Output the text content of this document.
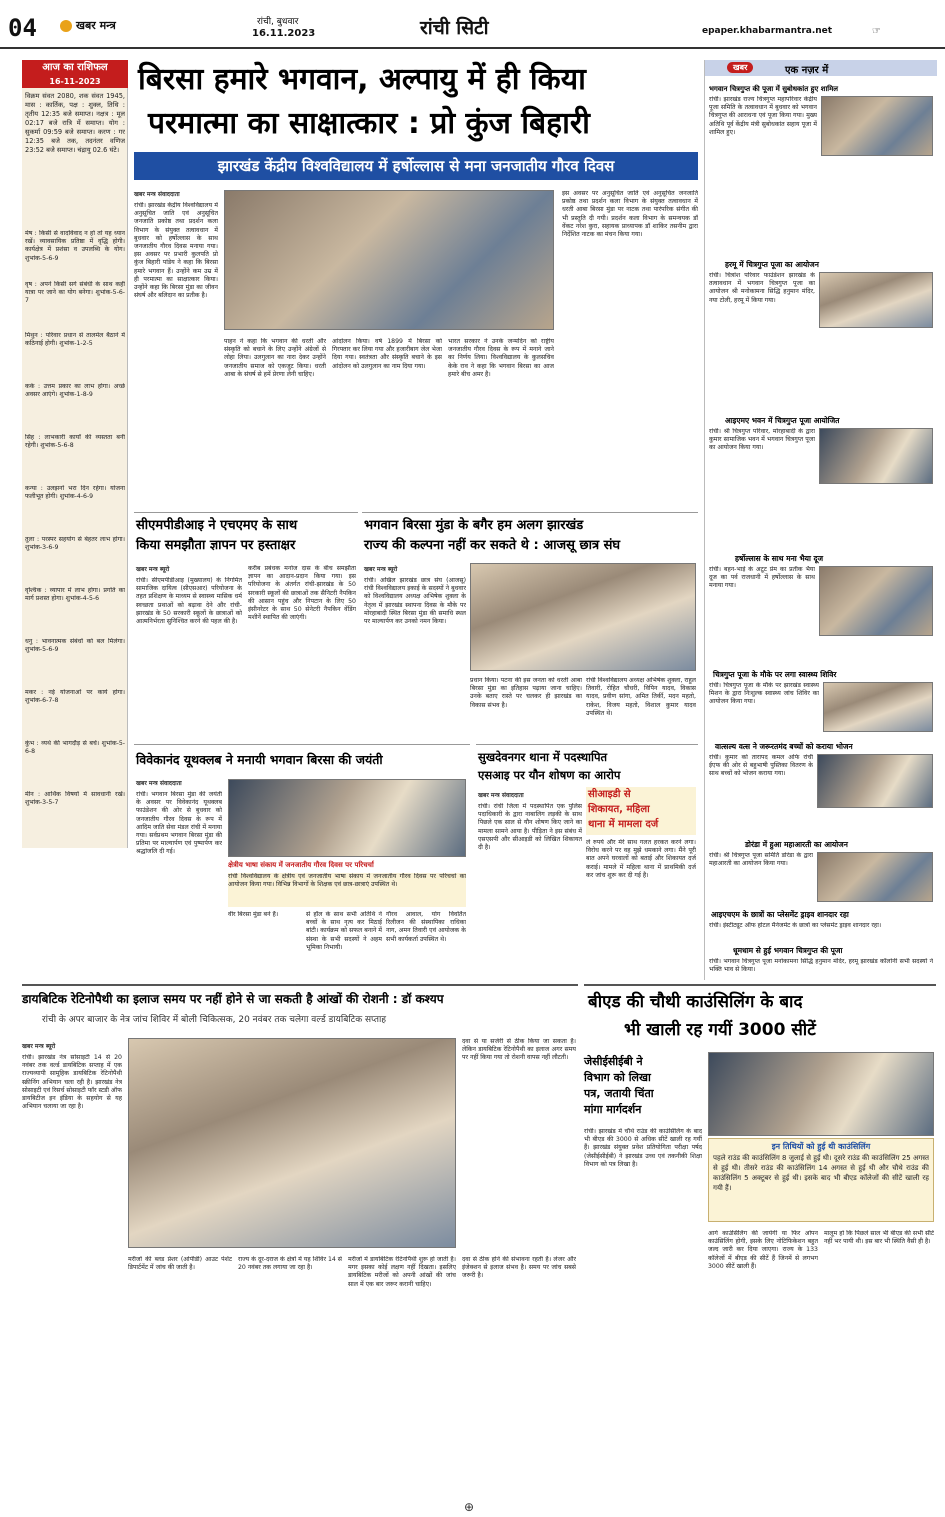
04	खबर मन्त्र	रांची, बुधवार
16.11.2023	रांची सिटी	epaper.khabarmantra.net	☞
आज का राशिफल
16-11-2023
विक्रम संवत 2080, शक संवत 1945, मास : कार्तिक, पक्ष : शुक्ल, तिथि : तृतीय 12:35 बजे समाप्त। नक्षत्र : मूल 02:17 बजे रात्रि में समाप्त। योग : सुकर्मा 09:59 बजे समाप्त। करण : गर 12:35 बजे तक, तदनंतर वणिज 23:52 बजे समाप्त। चंद्रायु 02.6 घंटे।
मेष : किसी से वादविवाद न हो तो यह ध्यान रखें। व्यावसायिक प्रतिष्ठा में वृद्धि होगी। कार्यक्षेत्र में प्रशंसा व उपलब्धि के योग। शुभांक-5-6-9
वृष : अपने किसी सगे संबंधी के साथ कहीं यात्रा पर जाने का योग बनेगा। शुभांक-5-6-7
मिथुन : परिवार प्रधान से तालमेल बैठाने में कठिनाई होगी। शुभांक-1-2-5
कर्क : उत्तम प्रकार का लाभ होगा। अच्छे अवसर आएंगे। शुभांक-1-8-9
सिंह : लाभकारी कार्यों की व्यस्तता बनी रहेगी। शुभांक-5-6-8
कन्या : उलझनों भरा दिन रहेगा। योजना फलीभूत होगी। शुभांक-4-6-9
तुला : परस्पर सहयोग से बेहतर लाभ होगा। शुभांक-3-6-9
वृश्चिक : व्यापार में लाभ होगा। प्रगति का मार्ग प्रशस्त होगा। शुभांक-4-5-6
धनु : भावनात्मक संबंधों को बल मिलेगा। शुभांक-5-6-9
मकर : नई योजनाओं पर कार्य होगा। शुभांक-6-7-8
कुंभ : व्यर्थ की भागदौड़ से बचें। शुभांक-5-6-8
मीन : आर्थिक विषयों में सावधानी रखें। शुभांक-3-5-7
बिरसा हमारे भगवान, अल्पायु में ही किया
परमात्मा का साक्षात्कार : प्रो कुंज बिहारी
झारखंड केंद्रीय विश्वविद्यालय में हर्षोल्लास से मना जनजातीय गौरव दिवस
खबर मन्त्र संवाददाता
रांची। झारखंड केंद्रीय विश्वविद्यालय में अनुसूचित जाति एवं अनुसूचित जनजाति प्रकोष्ठ तथा प्रदर्शन कला विभाग के संयुक्त तत्वावधान में बुधवार को हर्षोल्लास के साथ जनजातीय गौरव दिवस मनाया गया। इस अवसर पर प्रभारी कुलपति प्रो कुंज बिहारी पांडेय ने कहा कि बिरसा हमारे भगवान हैं। उन्होंने कम उम्र में ही परमात्मा का साक्षात्कार किया। उन्होंने कहा कि बिरसा मुंडा का जीवन संघर्ष और बलिदान का प्रतीक है।
पाहन ने कहा कि भगवान की धरती और संस्कृति को बचाने के लिए उन्होंने अंग्रेजों से लोहा लिया। उलगुलान का नारा देकर उन्होंने जनजातीय समाज को एकजुट किया। धरती आबा के संघर्ष से हमें प्रेरणा लेनी चाहिए।
आंदोलन किया। वर्ष 1899 में बिरसा को गिरफ्तार कर लिया गया और हजारीबाग जेल भेजा दिया गया। स्वतंत्रता और संस्कृति बचाने के इस आंदोलन को उलगुलान का नाम दिया गया।
भारत सरकार ने उनके जन्मदिन को राष्ट्रीय जनजातीय गौरव दिवस के रूप में मनाने जाने का निर्णय लिया। विश्वविद्यालय के कुलसचिव केके राव ने कहा कि भगवान बिरसा का आज हमारे बीच अमर है।
इस अवसर पर अनुसूचित जाति एवं अनुसूचित जनजाति प्रकोष्ठ तथा प्रदर्शन कला विभाग के संयुक्त तत्वावधान में धरती आबा बिरसा मुंडा पर नाटक तथा पारंपरिक संगीत की भी प्रस्तुति दी गयी। प्रदर्शन कला विभाग के समन्वयक डॉ वेंकट नरेश कुरा, सहायक प्राध्यापक डॉ शाकिर तसनीम द्वारा निर्देशित नाटक का मंचन किया गया।
सीएमपीडीआइ ने एचएमए के साथ
किया समझौता ज्ञापन पर हस्ताक्षर
खबर मन्त्र ब्यूरो
रांची। सीएमपीडीआइ (मुख्यालय) के निगमित सामाजिक दायित्व (सीएसआर) परियोजना के तहत प्रशिक्षण के माध्यम से स्वास्थ्य मासिक धर्म स्वच्छता प्रथाओं को बढ़ावा देने और रांची-झारखंड के 50 सरकारी स्कूलों के छात्राओं को आत्मनिर्भरता सुनिश्चित करने की पहल की है।
करीब प्रबंधक मनोज दास के बीच समझौता ज्ञापन का आदान-प्रदान किया गया। इस परियोजना के अंतर्गत रांची-झारखंड के 50 सरकारी स्कूलों की छात्राओं तक सैनिटरी नैपकिन की आसान पहुंच और निपटान के लिए 50 इंसीनरेटर के साथ 50 सेनेटरी नैपकिन वेंडिंग मशीनें स्थापित की जाएंगी।
भगवान बिरसा मुंडा के बगैर हम अलग झारखंड
राज्य की कल्पना नहीं कर सकते थे : आजसू छात्र संघ
खबर मन्त्र ब्यूरो
रांची। अखिल झारखंड छात्र संघ (आजसू) रांची विश्वविद्यालय इकाई के सदस्यों ने बुधवार को विश्वविद्यालय अध्यक्ष अभिषेक शुक्ला के नेतृत्व में झारखंड स्थापना दिवस के मौके पर मोरहाबादी स्थित बिरसा मुंडा की समाधि स्थल पर माल्यार्पण कर उनको नमन किया।
प्रधान किया। पटना की इस जनता को धरती आबा बिरसा मुंडा का इतिहास पढ़ाया जाना चाहिए। उनके बताए रास्ते पर चलकर ही झारखंड का विकास संभव है।
रांची विश्वविद्यालय अध्यक्ष अभिषेक शुक्ला, राहुल तिवारी, रोहित चौधरी, विपिन यादव, विकास यादव, प्रवीण सांगा, अमित तिर्की, मदन महतो, राकेश, विजय महतो, विशाल कुमार यादव उपस्थित थे।
विवेकानंद यूथक्लब ने मनायी भगवान बिरसा की जयंती
खबर मन्त्र संवाददाता
रांची। भगवान बिरसा मुंडा की जयंती के अवसर पर विवेकानंद यूथक्लब फाउंडेशन की ओर से बुधवार को जनजातीय गौरव दिवस के रूप में आदिम जाति सेवा मंडल रांची में मनाया गया। सर्वप्रथम भगवान बिरसा मुंडा की प्रतिमा पर माल्यार्पण एवं पुष्पार्पण कर श्रद्धांजलि दी गई।
क्षेत्रीय भाषा संकाय में जनजातीय गौरव दिवस पर परिचर्चा
रांची विश्वविद्यालय के क्षेत्रीय एवं जनजातीय भाषा संकाय में जनजातीय गौरव दिवस पर परिचर्चा का आयोजन किया गया। विभिन्न विभागों के शिक्षक एवं छात्र-छात्राएं उपस्थित थे।
वीर बिरसा मुंडा बने हैं।	से हॉल के साथ सभी अतिथि ने बच्चों के साथ नृत्य कर मिठाई बांटी। कार्यक्रम को सफल बनाने में संस्था के सभी सदस्यों ने अहम भूमिका निभायी।
गौरव आवाल, योग विवर्तित रिलीजन की संस्थापिका राधिका नाग, अमन तिवारी एवं आयोजक के सभी कार्यकर्ता उपस्थित थे।
सुखदेवनगर थाना में पदस्थापित
एसआइ पर यौन शोषण का आरोप
खबर मन्त्र संवाददाता
रांची। रांची जिला में पदस्थापित एक पुलिस पदाधिकारी के द्वारा नाबालिग लड़की के साथ पिछले एक साल से यौन शोषण किए जाने का मामला सामने आया है। पीड़िता ने इस संबंध में एसएसपी और सीआइडी को लिखित शिकायत दी है।
सीआइडी से
शिकायत, महिला
थाना में मामला दर्ज
ले रुपये और मेरे साथ गलत हरकत करने लगा। विरोध करने पर वह मुझे धमकाने लगा। मैंने पूरी बात अपने घरवालों को बताई और शिकायत दर्ज कराई। मामले में महिला थाना में प्राथमिकी दर्ज कर जांच शुरू कर दी गई है।
खबर	एक नज़र में
भगवान चित्रगुप्त की पूजा में सुबोधकांत हुए शामिल
रांची। झारखंड राज्य चित्रगुप्त महापरिवार केंद्रीय पूजा समिति के तत्वावधान में बुधवार को भगवान चित्रगुप्त की आराधना एवं पूजा किया गया। मुख्य अतिथि पूर्व केंद्रीय मंत्री सुबोधकांत सहाय पूजा में शामिल हुए।
हरमू में चित्रगुप्त पूजा का आयोजन
रांची। चित्रांश परिवार फाउंडेशन झारखंड के तत्वावधान में भगवान चित्रगुप्त पूजा का आयोजन श्री मनोकामना सिद्धि हनुमान मंदिर, नया टोली, हरमू में किया गया।
आइएमए भवन में चित्रगुप्त पूजा आयोजित
रांची। श्री चित्रगुप्त परिवार, मोरहाबादी के द्वारा कुमार सामाजिक भवन में भगवान चित्रगुप्त पूजा का आयोजन किया गया।
हर्षोल्लास के साथ मना भैया दूज
रांची। बहन-भाई के अटूट प्रेम का प्रतीक भैया दूज का पर्व राजधानी में हर्षोल्लास के साथ मनाया गया।
चित्रगुप्त पूजा के मौके पर लगा स्वास्थ्य शिविर
रांची। चित्रगुप्त पूजा के मौके पर झारखंड स्वास्थ्य मिशन के द्वारा निःशुल्क स्वास्थ्य जांच शिविर का आयोजन किया गया।
वात्सल्य वत्स ने जरूरतमंद बच्चों को कराया भोजन
रांची। कुमार को तारापद कमल ओर्फ रांची ईएफ की ओर से बहुभाषी पुस्तिका वितरण के साथ बच्चों को भोजन कराया गया।
डोरंडा में हुआ महाआरती का आयोजन
रांची। श्री चित्रगुप्त पूजा समिति डोरंडा के द्वारा महाआरती का आयोजन किया गया।
आइएचएम के छात्रों का प्लेसमेंट ड्राइव शानदार रहा
रांची। इंस्टीट्यूट ऑफ होटल मैनेजमेंट के छात्रों का प्लेसमेंट ड्राइव शानदार रहा।
धूमधाम से हुई भगवान चित्रगुप्त की पूजा
रांची। भगवान चित्रगुप्त पूजा मनोकामना सिद्धि हनुमान मंदिर, हरमू झारखंड कॉलोनी सभी सदस्यों ने भक्ति भाव से किया।
डायबिटिक रेटिनोपैथी का इलाज समय पर नहीं होने से जा सकती है आंखों की रोशनी : डॉ कश्यप
रांची के अपर बाजार के नेत्र जांच शिविर में बोली चिकित्सक, 20 नवंबर तक चलेगा वर्ल्ड डायबिटिक सप्ताह
खबर मन्त्र ब्यूरो
रांची। झारखंड नेत्र सोसाइटी 14 से 20 नवंबर तक वर्ल्ड डायबिटिक सप्ताह में एक राज्यव्यापी सामूहिक डायबिटिक रेटिनोपैथी स्क्रीनिंग अभियान चला रही है। झारखंड नेत्र सोसाइटी एवं रिसर्च सोसाइटी फॉर स्टडी ऑफ डायबिटीज इन इंडिया के सहयोग से यह अभियान चलाया जा रहा है।
मरीजों की ब्लड प्रेशर (ओपीडी) आउट पेशेंट डिपार्टमेंट में जांच की जाती है।
राज्य के दूर-दराज के क्षेत्रों में यह शिविर 14 से 20 नवंबर तक लगाया जा रहा है।
मरीजों में डायबिटिक रेटिनोपैथी शुरू हो जाती है। मगर इसका कोई लक्षण नहीं दिखता। इसलिए डायबिटिक मरीजों को अपनी आंखों की जांच साल में एक बार जरूर करानी चाहिए।
दवा से या सर्जरी से ठीक किया जा सकता है। लेकिन डायबिटिक रेटिनोपैथी का इलाज अगर समय पर नहीं किया गया तो रोशनी वापस नहीं लौटती।
दवा से ठीक होने की संभावना रहती है। लेजर और इंजेक्शन से इलाज संभव है। समय पर जांच सबसे जरूरी है।
बीएड की चौथी काउंसिलिंग के बाद
भी खाली रह गयीं 3000 सीटें
जेसीईसीईबी ने
विभाग को लिखा
पत्र, जतायी चिंता
मांगा मार्गदर्शन
इन तिथियों को हुई थी काउंसिलिंग
पहले राउंड की काउंसिलिंग 8 जुलाई से हुई थी। दूसरे राउंड की काउंसिलिंग 25 अगस्त से हुई थी। तीसरे राउंड की काउंसिलिंग 14 अगस्त से हुई थी और चौथे राउंड की काउंसिलिंग 5 अक्टूबर से हुई थी। इसके बाद भी बीएड कॉलेजों की सीटें खाली रह गयी हैं।
रांची। झारखंड में चौथे राउंड की काउंसिलिंग के बाद भी बीएड की 3000 से अधिक सीटें खाली रह गयीं हैं। झारखंड संयुक्त प्रवेश प्रतियोगिता परीक्षा पर्षद (जेसीईसीईबी) ने झारखंड उच्च एवं तकनीकी शिक्षा विभाग को पत्र लिखा है।
आगे काउंसिलिंग की जायेगी या फिर ओपन काउंसिलिंग होगी, इसके लिए नोटिफिकेशन बहुत जल्द जारी कर दिया जाएगा। राज्य के 133 कॉलेजों में बीएड की सीटें हैं जिनमें से लगभग 3000 सीटें खाली हैं।
मालूम हो कि पिछले साल भी बीएड की सभी सीटें नहीं भर पायी थी। इस बार भी स्थिति वैसी ही है।
⊕
